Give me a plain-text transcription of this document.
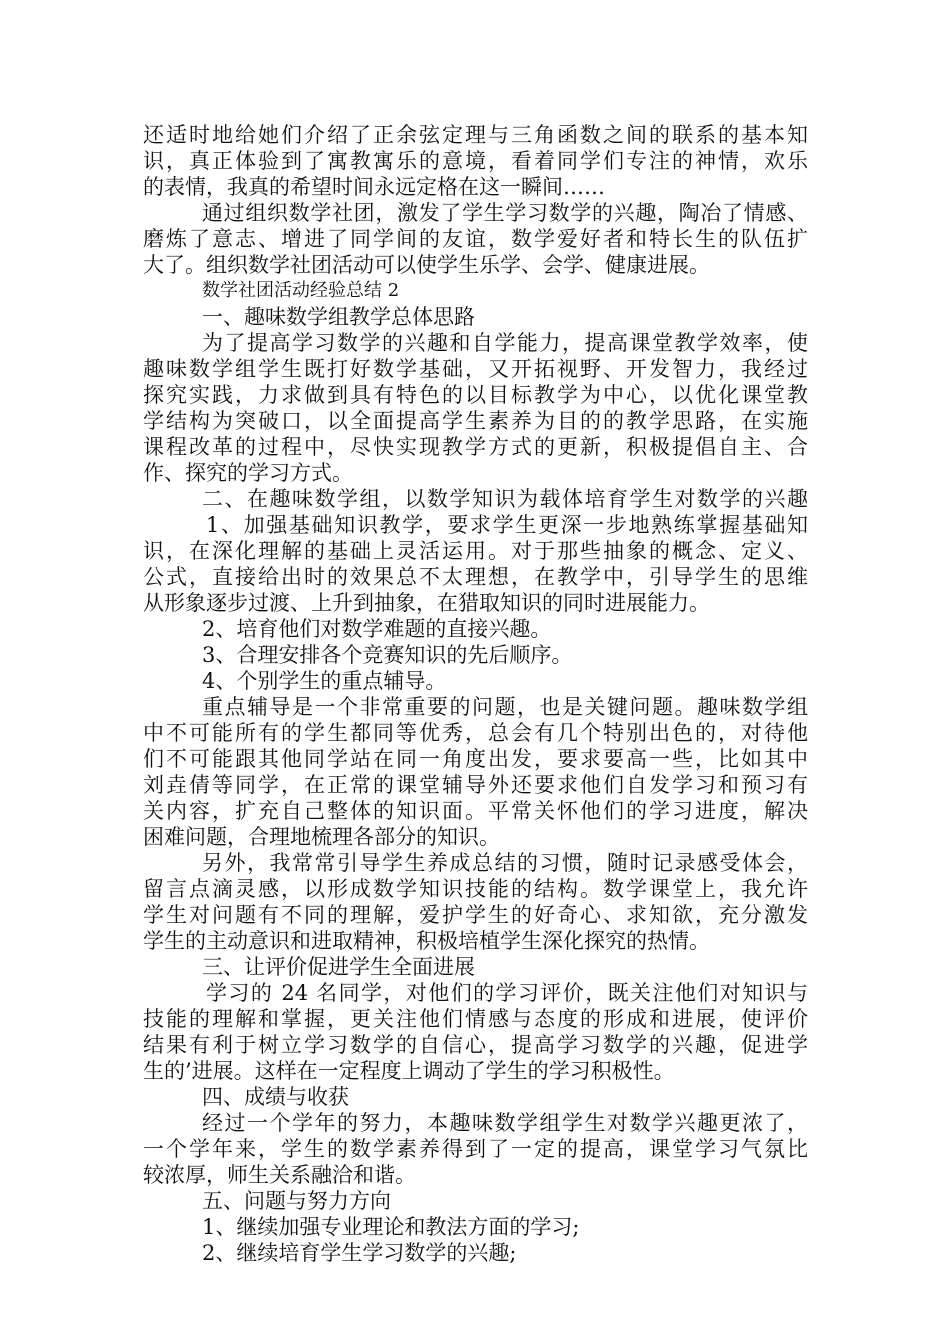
还适时地给她们介绍了正余弦定理与三角函数之间的联系的基本知
识，真正体验到了寓教寓乐的意境，看着同学们专注的神情，欢乐
的表情，我真的希望时间永远定格在这一瞬间……
通过组织数学社团，激发了学生学习数学的兴趣，陶冶了情感、
磨炼了意志、增进了同学间的友谊，数学爱好者和特长生的队伍扩
大了。组织数学社团活动可以使学生乐学、会学、健康进展。
数学社团活动经验总结 2
一、趣味数学组教学总体思路
为了提高学习数学的兴趣和自学能力，提高课堂教学效率，使
趣味数学组学生既打好数学基础，又开拓视野、开发智力，我经过
探究实践，力求做到具有特色的以目标教学为中心，以优化课堂教
学结构为突破口，以全面提高学生素养为目的的教学思路，在实施
课程改革的过程中，尽快实现教学方式的更新，积极提倡自主、合
作、探究的学习方式。
二、在趣味数学组，以数学知识为载体培育学生对数学的兴趣
1、加强基础知识教学，要求学生更深一步地熟练掌握基础知
识，在深化理解的基础上灵活运用。对于那些抽象的概念、定义、
公式，直接给出时的效果总不太理想，在教学中，引导学生的思维
从形象逐步过渡、上升到抽象，在猎取知识的同时进展能力。
2、培育他们对数学难题的直接兴趣。
3、合理安排各个竞赛知识的先后顺序。
4、个别学生的重点辅导。
重点辅导是一个非常重要的问题，也是关键问题。趣味数学组
中不可能所有的学生都同等优秀，总会有几个特别出色的，对待他
们不可能跟其他同学站在同一角度出发，要求要高一些，比如其中
刘垚倩等同学，在正常的课堂辅导外还要求他们自发学习和预习有
关内容，扩充自己整体的知识面。平常关怀他们的学习进度，解决
困难问题，合理地梳理各部分的知识。
另外，我常常引导学生养成总结的习惯，随时记录感受体会，
留言点滴灵感，以形成数学知识技能的结构。数学课堂上，我允许
学生对问题有不同的理解，爱护学生的好奇心、求知欲，充分激发
学生的主动意识和进取精神，积极培植学生深化探究的热情。
三、让评价促进学生全面进展
学习的 24 名同学，对他们的学习评价，既关注他们对知识与
技能的理解和掌握，更关注他们情感与态度的形成和进展，使评价
结果有利于树立学习数学的自信心，提高学习数学的兴趣，促进学
生的’进展。这样在一定程度上调动了学生的学习积极性。
四、成绩与收获
经过一个学年的努力，本趣味数学组学生对数学兴趣更浓了，
一个学年来，学生的数学素养得到了一定的提高，课堂学习气氛比
较浓厚，师生关系融洽和谐。
五、问题与努力方向
1、继续加强专业理论和教法方面的学习;
2、继续培育学生学习数学的兴趣;
